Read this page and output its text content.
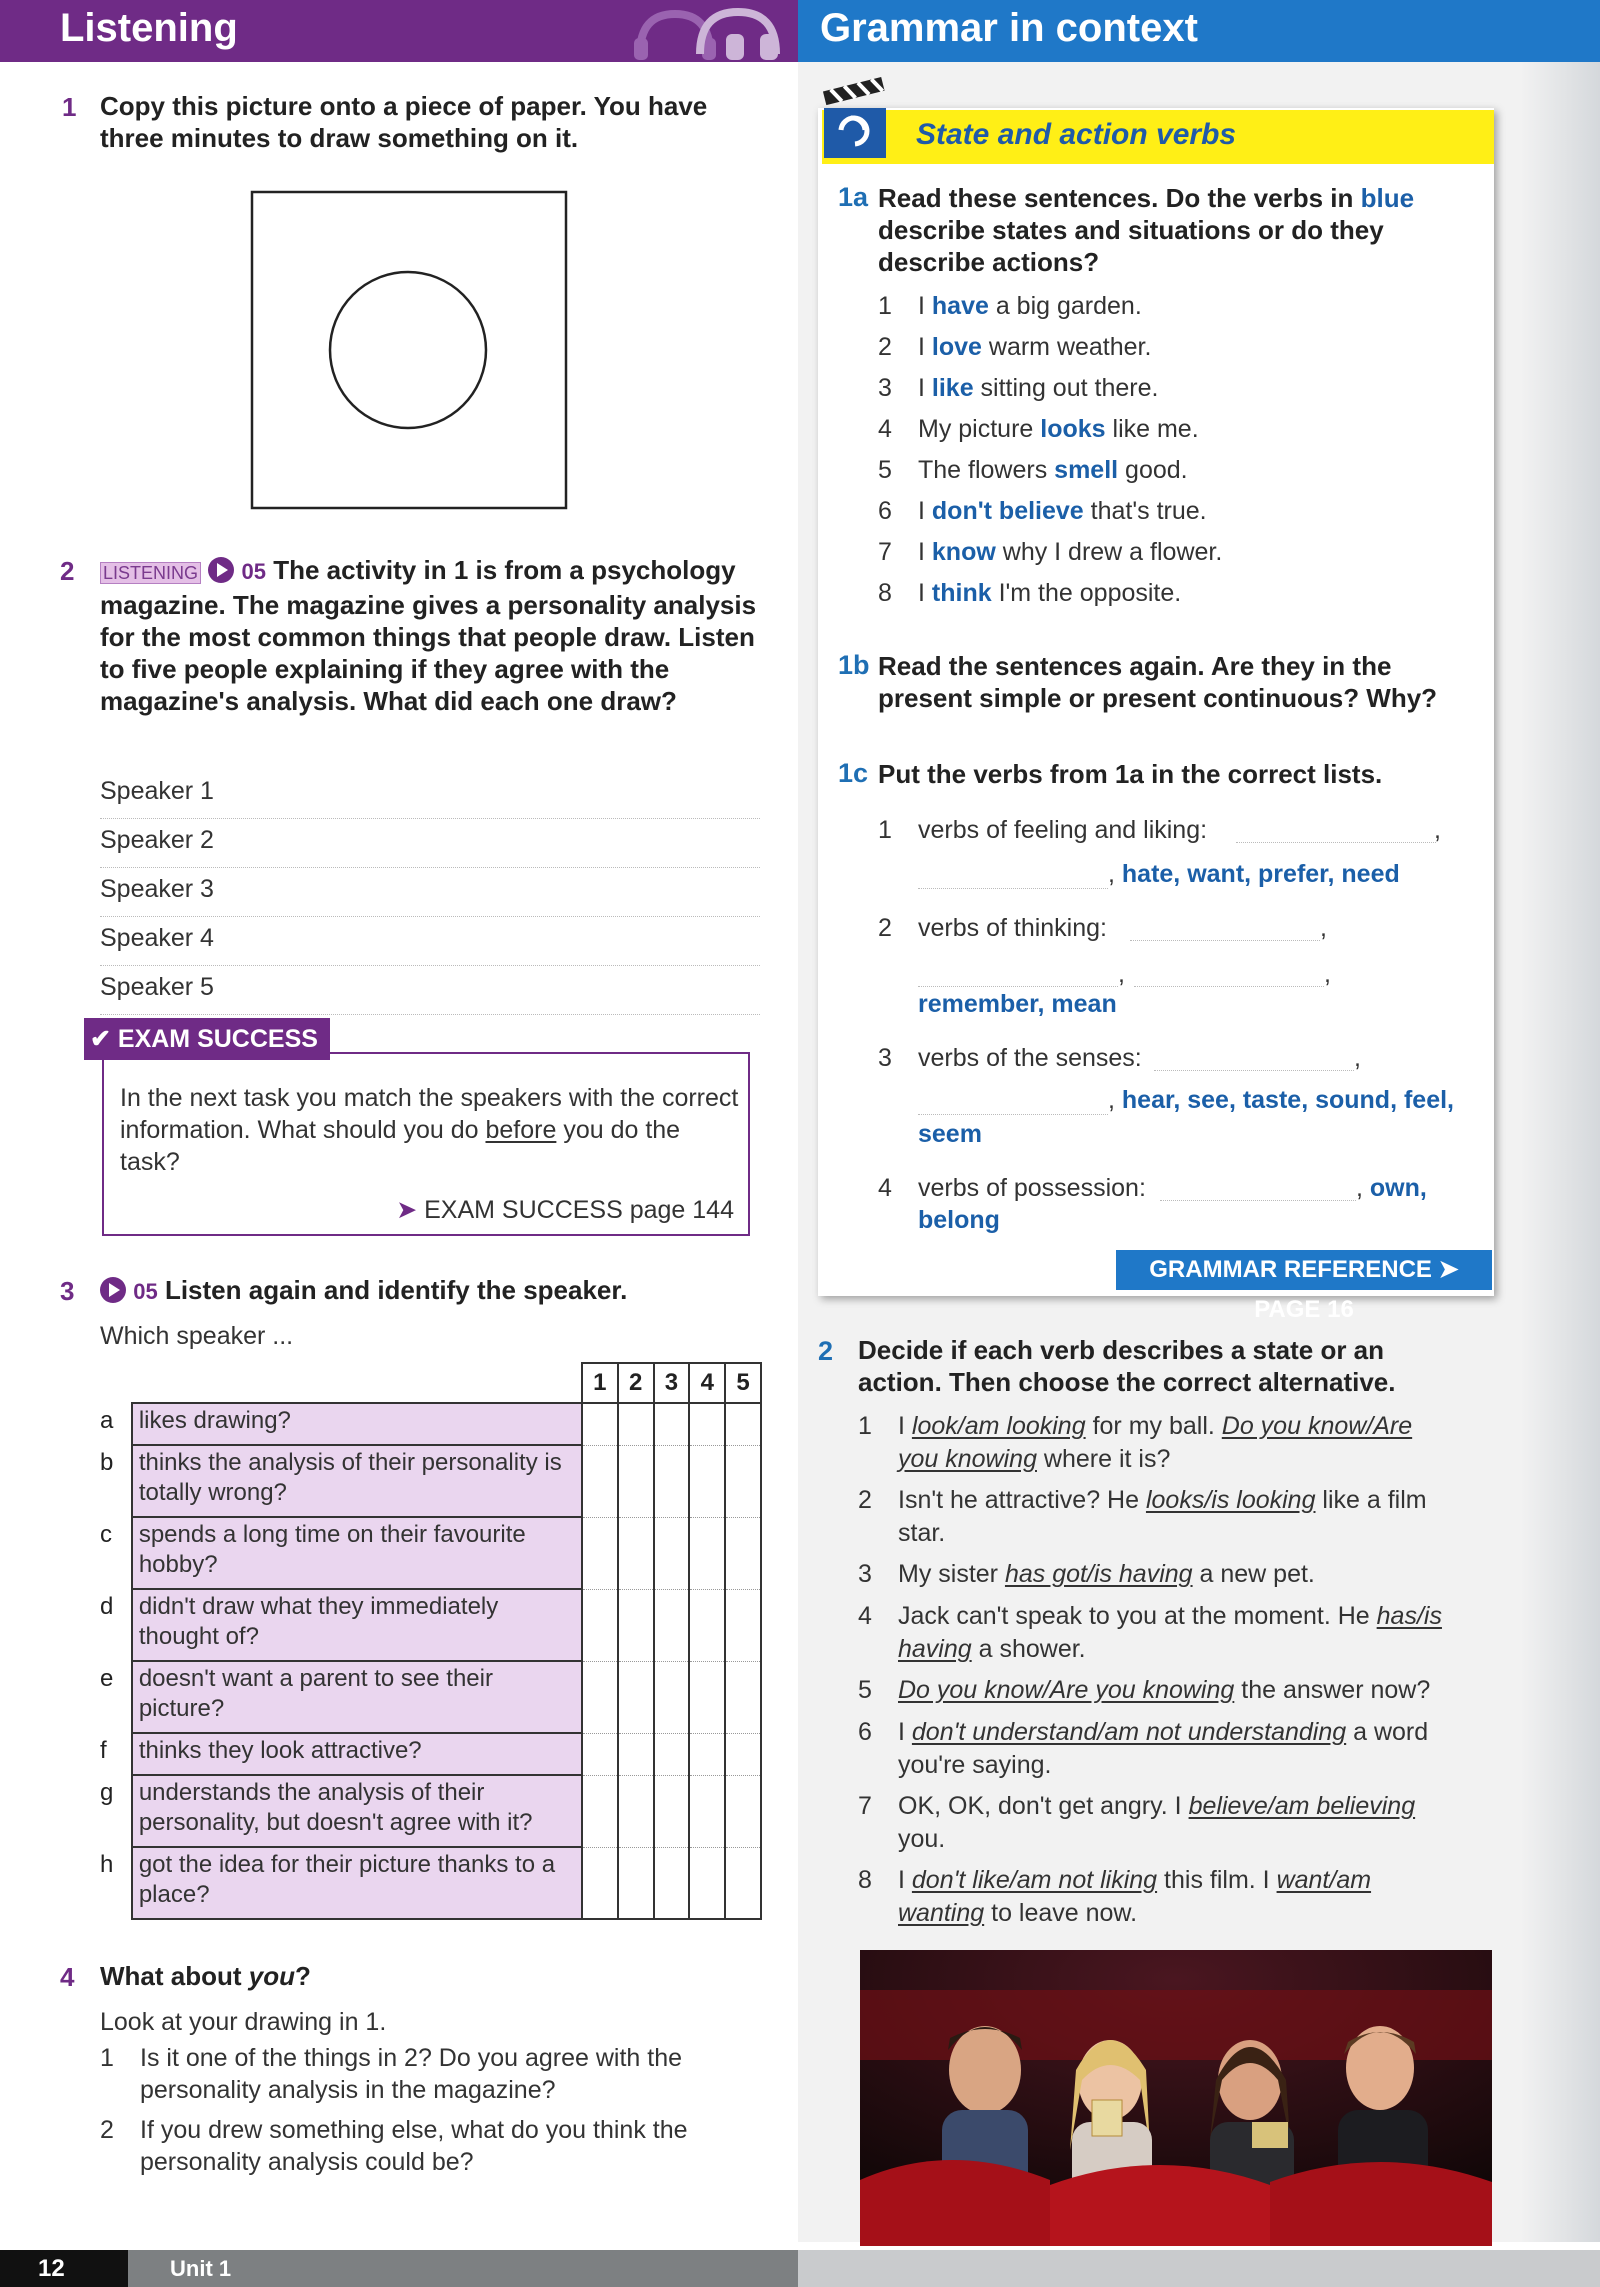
Listening	Grammar in context
1 Copy this picture onto a piece of paper. You have three minutes to draw something on it.
2 LISTENING 05 The activity in 1 is from a psychology magazine. The magazine gives a personality analysis for the most common things that people draw. Listen to five people explaining if they agree with the magazine's analysis. What did each one draw?
Speaker 1
Speaker 2
Speaker 3
Speaker 4
Speaker 5
✔ EXAM SUCCESS
In the next task you match the speakers with the correct information. What should you do before you do the task?
➤ EXAM SUCCESS page 144
3	05 Listen again and identify the speaker.
Which speaker ...
		1	2	3	4	5
a	likes drawing?					
b	thinks the analysis of their personality is totally wrong?					
c	spends a long time on their favourite hobby?					
d	didn't draw what they immediately thought of?					
e	doesn't want a parent to see their picture?					
f	thinks they look attractive?					
g	understands the analysis of their personality, but doesn't agree with it?					
h	got the idea for their picture thanks to a place?					
4 What about you?
Look at your drawing in 1.
1 Is it one of the things in 2? Do you agree with the personality analysis in the magazine?
2 If you drew something else, what do you think the personality analysis could be?
State and action verbs
1a Read these sentences. Do the verbs in blue describe states and situations or do they describe actions?
1 I have a big garden.
2 I love warm weather.
3 I like sitting out there.
4 My picture looks like me.
5 The flowers smell good.
6 I don't believe that's true.
7 I know why I drew a flower.
8 I think I'm the opposite.
1b Read the sentences again. Are they in the present simple or present continuous? Why?
1c Put the verbs from 1a in the correct lists.
1 verbs of feeling and liking:	,
, hate, want, prefer, need
2 verbs of thinking:	,
,	,
remember, mean
3 verbs of the senses:	,
, hear, see, taste, sound, feel,
seem
4 verbs of possession:	, own,
belong
GRAMMAR REFERENCE ➤ PAGE 16
2 Decide if each verb describes a state or an action. Then choose the correct alternative.
1 I look/am looking for my ball. Do you know/Are
you knowing where it is?
2 Isn't he attractive? He looks/is looking like a film
star.
3 My sister has got/is having a new pet.
4 Jack can't speak to you at the moment. He has/is
having a shower.
5 Do you know/Are you knowing the answer now?
6 I don't understand/am not understanding a word
you're saying.
7 OK, OK, don't get angry. I believe/am believing
you.
8 I don't like/am not liking this film. I want/am
wanting to leave now.
12	Unit 1
